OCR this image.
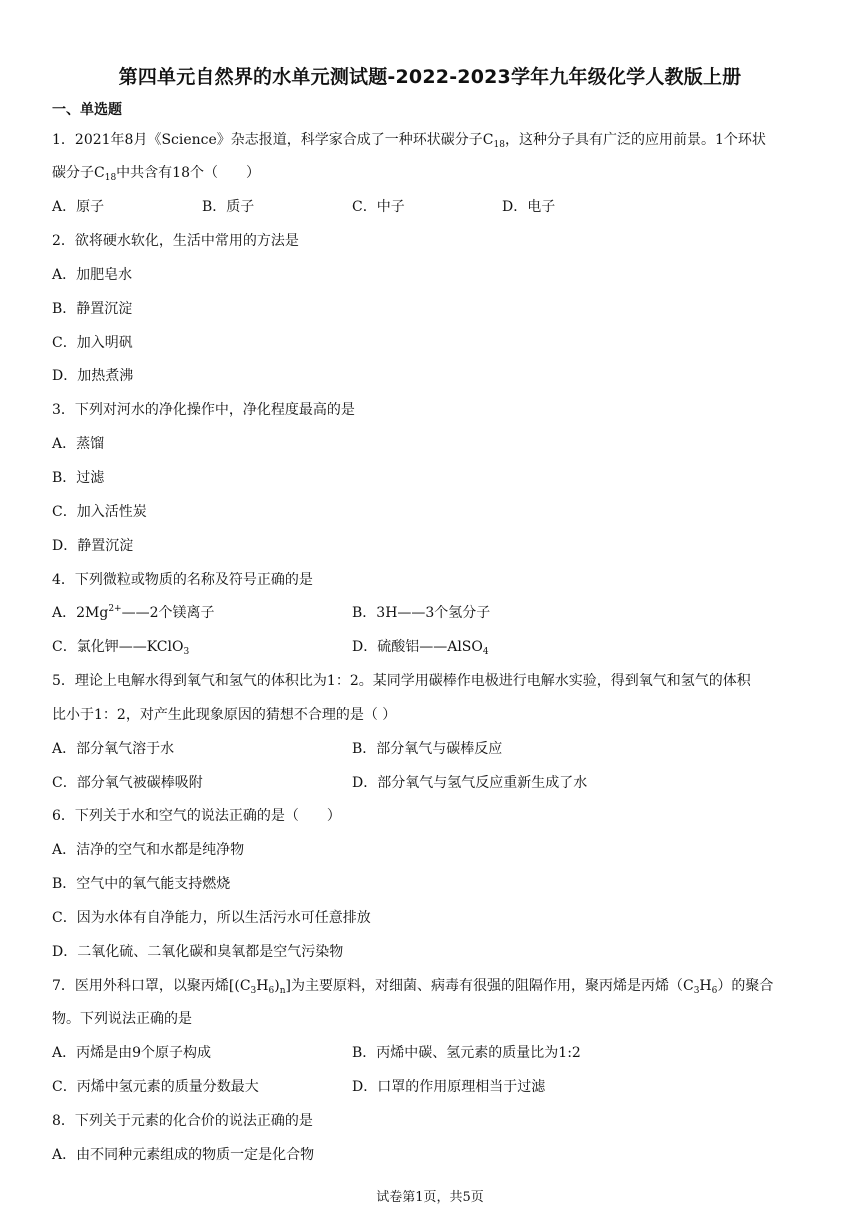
第四单元自然界的水单元测试题-2022-2023学年九年级化学人教版上册
一、单选题
1．2021年8月《Science》杂志报道，科学家合成了一种环状碳分子$C_{18}$，这种分子具有广泛的应用前景。1个环状
碳分子$C_{18}$中共含有18个（　　）
A．原子	B．质子	C．中子	D．电子
2．欲将硬水软化，生活中常用的方法是
A．加肥皂水
B．静置沉淀
C．加入明矾
D．加热煮沸
3．下列对河水的净化操作中，净化程度最高的是
A．蒸馏
B．过滤
C．加入活性炭
D．静置沉淀
4．下列微粒或物质的名称及符号正确的是
A．$2Mg^{2+}——2$个镁离子	B．3H——3个氢分子
C．氯化钾——KClO$_3$	D．硫酸铝——AlSO$_4$
5．理论上电解水得到氧气和氢气的体积比为1：2。某同学用碳棒作电极进行电解水实验，得到氧气和氢气的体积
比小于1：2，对产生此现象原因的猜想不合理的是（ ）
A．部分氧气溶于水	B．部分氧气与碳棒反应
C．部分氧气被碳棒吸附	D．部分氧气与氢气反应重新生成了水
6．下列关于水和空气的说法正确的是（　　）
A．洁净的空气和水都是纯净物
B．空气中的氧气能支持燃烧
C．因为水体有自净能力，所以生活污水可任意排放
D．二氧化硫、二氧化碳和臭氧都是空气污染物
7．医用外科口罩，以聚丙烯$[(C_3H_6)_n]$为主要原料，对细菌、病毒有很强的阻隔作用，聚丙烯是丙烯$(C_3H_6)$的聚合
物。下列说法正确的是
A．丙烯是由9个原子构成	B．丙烯中碳、氢元素的质量比为1:2
C．丙烯中氢元素的质量分数最大	D．口罩的作用原理相当于过滤
8．下列关于元素的化合价的说法正确的是
A．由不同种元素组成的物质一定是化合物
试卷第1页，共5页
